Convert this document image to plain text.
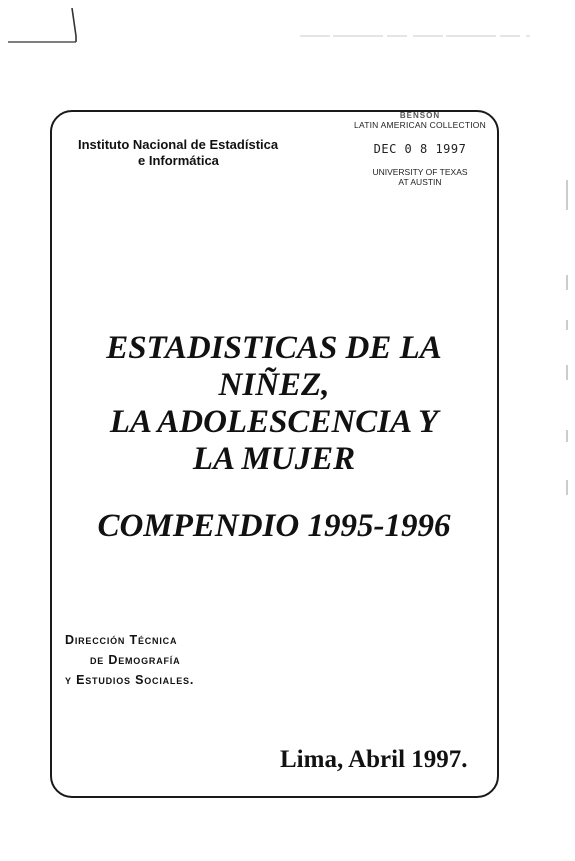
Instituto Nacional de Estadística
e Informática
BENSON
LATIN AMERICAN COLLECTION
DEC 0 8 1997
UNIVERSITY OF TEXAS
AT AUSTIN
ESTADISTICAS DE LA
NIÑEZ,
LA ADOLESCENCIA Y
LA MUJER
COMPENDIO 1995-1996
Dirección Técnica
de Demografía
y Estudios Sociales.
Lima, Abril 1997.
